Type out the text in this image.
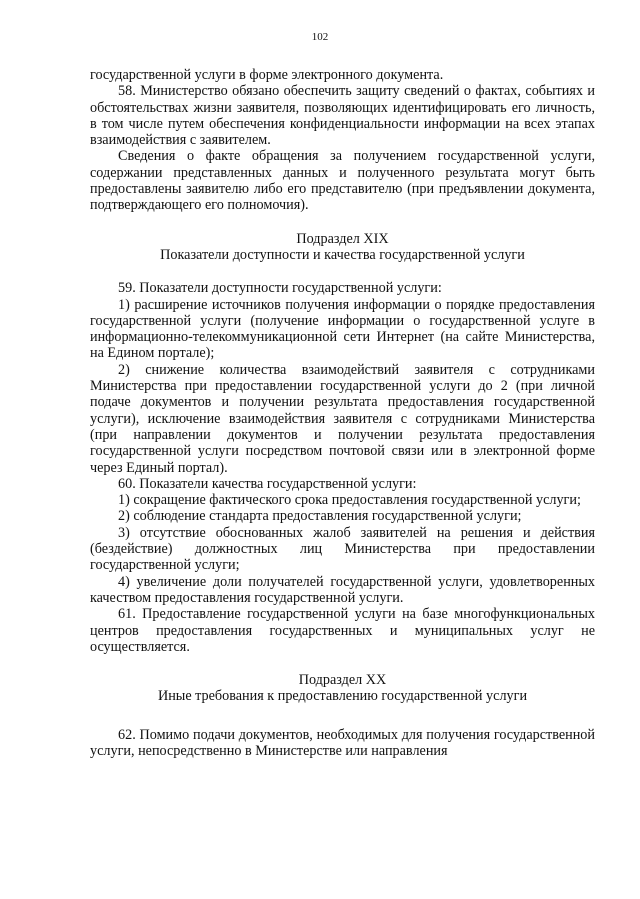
102

государственной услуги в форме электронного документа.

58. Министерство обязано обеспечить защиту сведений о фактах, событиях и обстоятельствах жизни заявителя, позволяющих идентифицировать его личность, в том числе путем обеспечения конфиденциальности информации на всех этапах взаимодействия с заявителем.

Сведения о факте обращения за получением государственной услуги, содержании представленных данных и полученного результата могут быть предоставлены заявителю либо его представителю (при предъявлении документа, подтверждающего его полномочия).

Подраздел XIX

Показатели доступности и качества государственной услуги

59. Показатели доступности государственной услуги:

1) расширение источников получения информации о порядке предоставления государственной услуги (получение информации о государственной услуге в информационно-телекоммуникационной сети Интернет (на сайте Министерства, на Едином портале);

2) снижение количества взаимодействий заявителя с сотрудниками Министерства при предоставлении государственной услуги до 2 (при личной подаче документов и получении результата предоставления государственной услуги), исключение взаимодействия заявителя с сотрудниками Министерства (при направлении документов и получении результата предоставления государственной услуги посредством почтовой связи или в электронной форме через Единый портал).

60. Показатели качества государственной услуги:

1) сокращение фактического срока предоставления государственной услуги;

2) соблюдение стандарта предоставления государственной услуги;

3) отсутствие обоснованных жалоб заявителей на решения и действия (бездействие) должностных лиц Министерства при предоставлении государственной услуги;

4) увеличение доли получателей государственной услуги, удовлетворенных качеством предоставления государственной услуги.

61. Предоставление государственной услуги на базе многофункциональных центров предоставления государственных и муниципальных услуг не осуществляется.

Подраздел XX

Иные требования к предоставлению государственной услуги

62. Помимо подачи документов, необходимых для получения государственной услуги, непосредственно в Министерстве или направления
